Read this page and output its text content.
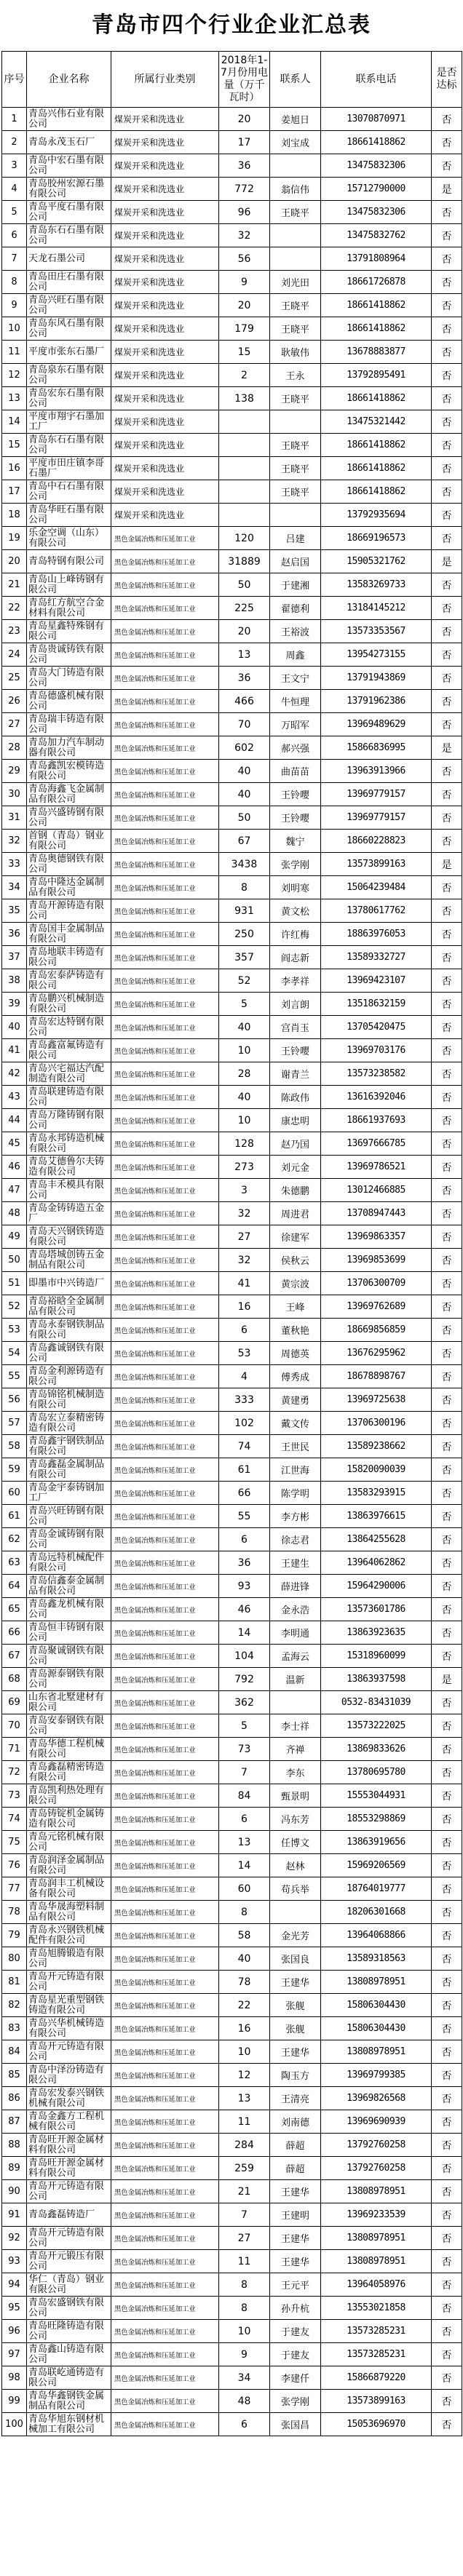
青岛市四个行业企业汇总表
序号	企业名称	所属行业类别	2018年1-7月份用电量（万千瓦时）	联系人	联系电话	是否达标
1	青岛兴伟石业有限公司	煤炭开采和洗选业	20	姜旭日	13070870971	否
2	青岛永茂玉石厂	煤炭开采和洗选业	17	刘宝成	18661418862	否
3	青岛中宏石墨有限公司	煤炭开采和洗选业	36		13475832306	否
4	青岛胶州宏源石墨有限公司	煤炭开采和洗选业	772	翁信伟	15712790000	是
5	青岛平度石墨有限公司	煤炭开采和洗选业	96	王晓平	13475832306	否
6	青岛东石石墨有限公司	煤炭开采和洗选业	32		13475832762	否
7	天龙石墨公司	煤炭开采和洗选业	56		13791808964	否
8	青岛田庄石墨有限公司	煤炭开采和洗选业	9	刘光田	18661726878	否
9	青岛兴旺石墨有限公司	煤炭开采和洗选业	20	王晓平	18661418862	否
10	青岛东风石墨有限公司	煤炭开采和洗选业	179	王晓平	18661418862	否
11	平度市张东石墨厂	煤炭开采和洗选业	15	耿敏伟	13678883877	否
12	青岛泉东石墨有限公司	煤炭开采和洗选业	2	王永	13792895491	否
13	青岛宏东石墨有限公司	煤炭开采和洗选业	138	王晓平	18661418862	否
14	平度市翔宇石墨加工厂	煤炭开采和洗选业			13475321442	否
15	青岛东石石墨有限公司	煤炭开采和洗选业		王晓平	18661418862	否
16	平度市田庄镇李哥石墨厂	煤炭开采和洗选业		王晓平	18661418862	否
17	青岛中石石墨有限公司	煤炭开采和洗选业		王晓平	18661418862	否
18	青岛华旺石墨有限公司	煤炭开采和洗选业			13792935694	否
19	乐金空调（山东）有限公司	黑色金属冶炼和压延加工业	120	吕建	18669196573	否
20	青岛特钢有限公司	黑色金属冶炼和压延加工业	31889	赵启国	15905321762	是
21	青岛山上峰铸钢有限公司	黑色金属冶炼和压延加工业	50	于建湘	13583269733	否
22	青岛红方航空合金材料有限公司	黑色金属冶炼和压延加工业	225	翟德利	13184145212	否
23	青岛星鑫特殊钢有限公司	黑色金属冶炼和压延加工业	20	王裕波	13573353567	否
24	青岛贵诚铸铁有限公司	黑色金属冶炼和压延加工业	13	周鑫	13954273155	否
25	青岛大门铸造有限公司	黑色金属冶炼和压延加工业	36	王文宁	13791943869	否
26	青岛德盛机械有限公司	黑色金属冶炼和压延加工业	466	牛恒理	13791962386	否
27	青岛瑞丰铸造有限公司	黑色金属冶炼和压延加工业	70	万昭军	13969489629	否
28	青岛加力汽车制动器有限公司	黑色金属冶炼和压延加工业	602	郝兴强	15866836995	是
29	青岛鑫凯宏模铸造有限公司	黑色金属冶炼和压延加工业	40	曲苗苗	13963913966	否
30	青岛海鑫飞金属制品有限公司	黑色金属冶炼和压延加工业	40	王铃嘤	13969779157	否
31	青岛兴盛铸钢有限公司	黑色金属冶炼和压延加工业	50	王铃嘤	13969779157	否
32	首钢（青岛）钢业有限公司	黑色金属冶炼和压延加工业	67	魏宁	18660228823	否
33	青岛奥德钢铁有限公司	黑色金属冶炼和压延加工业	3438	张学刚	13573899163	是
34	青岛中隆达金属制品有限公司	黑色金属冶炼和压延加工业	8	刘明寒	15064239484	否
35	青岛开源铸造有限公司	黑色金属冶炼和压延加工业	931	黄文松	13780617762	否
36	青岛国丰金属制品有限公司	黑色金属冶炼和压延加工业	250	许红梅	18863976053	否
37	青岛地联丰铸造有限公司	黑色金属冶炼和压延加工业	357	阎志新	13589332727	否
38	青岛宏泰萨铸造有限公司	黑色金属冶炼和压延加工业	52	李孝祥	13969423107	否
39	青岛鹏兴机械制造有限公司	黑色金属冶炼和压延加工业	5	刘言朗	13518632159	否
40	青岛宏达特钢有限公司	黑色金属冶炼和压延加工业	40	宫肖玉	13705420475	否
41	青岛鑫富氟铸造有限公司	黑色金属冶炼和压延加工业	10	王铃嘤	13969703176	否
42	青岛兴宅福达汽配制造有限公司	黑色金属冶炼和压延加工业	28	谢青兰	13573238582	否
43	青岛联建铸造有限公司	黑色金属冶炼和压延加工业	40	陈政伟	13616392046	否
44	青岛万隆铸钢有限公司	黑色金属冶炼和压延加工业	10	康忠明	18661937693	否
45	青岛永邦铸造机械有限公司	黑色金属冶炼和压延加工业	128	赵乃国	13697666785	否
46	青岛艾德鲁尔夫铸造有限公司	黑色金属冶炼和压延加工业	273	刘元金	13969786521	否
47	青岛丰禾模具有限公司	黑色金属冶炼和压延加工业	3	朱德鹏	13012466885	否
48	青岛金铸铸造五金厂	黑色金属冶炼和压延加工业	32	周进君	13708947443	否
49	青岛天兴钢铁铸造有限公司	黑色金属冶炼和压延加工业	27	徐建军	13969863357	否
50	青岛塔城创铸五金制品有限公司	黑色金属冶炼和压延加工业	32	侯秋云	13969853699	否
51	即墨市中兴铸造厂	黑色金属冶炼和压延加工业	41	黄宗波	13706300709	否
52	青岛裕晗全金属制品有限公司	黑色金属冶炼和压延加工业	16	王峰	13969762689	否
53	青岛永泰钢铁制品有限公司	黑色金属冶炼和压延加工业	6	董秋艳	18669856859	否
54	青岛鑫诚钢铁有限公司	黑色金属冶炼和压延加工业	53	周德英	13676295962	否
55	青岛金利源铸造有限公司	黑色金属冶炼和压延加工业	4	傅秀成	18678898767	否
56	青岛锦铭机械制造有限公司	黑色金属冶炼和压延加工业	333	黄建勇	13969725638	否
57	青岛宏立泰精密铸造有限公司	黑色金属冶炼和压延加工业	102	戴文传	13706300196	否
58	青岛鑫宇钢铁制品有限公司	黑色金属冶炼和压延加工业	74	王世民	13589238662	否
59	青岛鑫磊金属制品有限公司	黑色金属冶炼和压延加工业	61	江世海	15820090039	否
60	青岛金宇泰铸钢加工厂	黑色金属冶炼和压延加工业	66	陈学明	13583293915	否
61	青岛兴旺铸钢有限公司	黑色金属冶炼和压延加工业	55	李方彬	13863976615	否
62	青岛金诚铸钢有限公司	黑色金属冶炼和压延加工业	6	徐志君	13864255628	否
63	青岛远特机械配件有限公司	黑色金属冶炼和压延加工业	36	王建生	13964062862	否
64	青岛信鑫泰金属制品有限公司	黑色金属冶炼和压延加工业	93	薛进锋	15964290006	否
65	青岛鑫龙机械有限公司	黑色金属冶炼和压延加工业	46	金永浩	13573601786	否
66	青岛恒丰铸钢有限公司	黑色金属冶炼和压延加工业	14	李明通	13863923635	否
67	青岛聚诚钢铁有限公司	黑色金属冶炼和压延加工业	104	孟海云	15318960099	否
68	青岛源泰钢铁有限公司	黑色金属冶炼和压延加工业	792	温新	13863937598	是
69	山东省北墅建材有限公司	黑色金属冶炼和压延加工业	362		0532-83431039	否
70	青岛安泰钢铁有限公司	黑色金属冶炼和压延加工业	5	李士祥	13573222025	否
71	青岛华德工程机械有限公司	黑色金属冶炼和压延加工业	73	齐禅	13869833626	否
72	青岛鑫磊精密铸造有限公司	黑色金属冶炼和压延加工业	7	李东	13780695780	否
73	青岛凯利热处理有限公司	黑色金属冶炼和压延加工业	84	甄景明	15553044931	否
74	青岛铸锭机金属铸造有限公司	黑色金属冶炼和压延加工业	6	冯东芳	18553298869	否
75	青岛元铭机械有限公司	黑色金属冶炼和压延加工业	13	任博文	13863919656	否
76	青岛润泽金属制品有限公司	黑色金属冶炼和压延加工业	14	赵林	15969206569	否
77	青岛润丰工机械设备有限公司	黑色金属冶炼和压延加工业	60	苟兵举	18764019777	否
78	青岛华晟海塑料制品有限公司	黑色金属冶炼和压延加工业	8		18206301668	否
79	青岛永兴钢铁机械配件有限公司	黑色金属冶炼和压延加工业	58	金光芳	13964068866	否
80	青岛旭腾锻造有限公司	黑色金属冶炼和压延加工业	40	张国良	13589318563	否
81	青岛开元铸造有限公司	黑色金属冶炼和压延加工业	78	王建华	13808978951	否
82	青岛星光重型钢铁铸造有限公司	黑色金属冶炼和压延加工业	22	张舰	15806304430	否
83	青岛兴华机械铸造有限公司	黑色金属冶炼和压延加工业	16	张舰	15806304430	否
84	青岛开元铸造有限公司	黑色金属冶炼和压延加工业	10	王建华	13808978951	否
85	青岛中泽汾铸造有限公司	黑色金属冶炼和压延加工业	12	陶玉方	13969799385	否
86	青岛宏发泰兴钢铁机械有限公司	黑色金属冶炼和压延加工业	13	王清亮	13969826568	否
87	青岛金鑫方工程机械有限公司	黑色金属冶炼和压延加工业	11	刘南德	13969690939	否
88	青岛旺开源金属材料有限公司	黑色金属冶炼和压延加工业	284	薛超	13792760258	否
89	青岛旺开源金属材料有限公司	黑色金属冶炼和压延加工业	259	薛超	13792760258	否
90	青岛开元铸造有限公司	黑色金属冶炼和压延加工业	21	王建华	13808978951	否
91	青岛鑫磊铸造厂	黑色金属冶炼和压延加工业	7	王建明	13969233539	否
92	青岛开元铸造有限公司	黑色金属冶炼和压延加工业	27	王建华	13808978951	否
93	青岛开元锻压有限公司	黑色金属冶炼和压延加工业	11	王建华	13808978951	否
94	华仁（青岛）钢业有限公司	黑色金属冶炼和压延加工业	8	王元平	13964058976	否
95	青岛宏盛钢铁有限公司	黑色金属冶炼和压延加工业	8	孙升杭	13553021858	否
96	青岛旺隆铸造有限公司	黑色金属冶炼和压延加工业	10	于建友	13573285231	否
97	青岛鑫山铸造有限公司	黑色金属冶炼和压延加工业	9	于建友	13573285231	否
98	青岛联屹通铸造有限公司	黑色金属冶炼和压延加工业	34	李建仟	15866879220	否
99	青岛华鑫钢铁金属制品有限公司	黑色金属冶炼和压延加工业	48	张学刚	13573899163	否
100	青岛华旭东钢材机械加工有限公司	黑色金属冶炼和压延加工业	6	张国昌	15053696970	否
